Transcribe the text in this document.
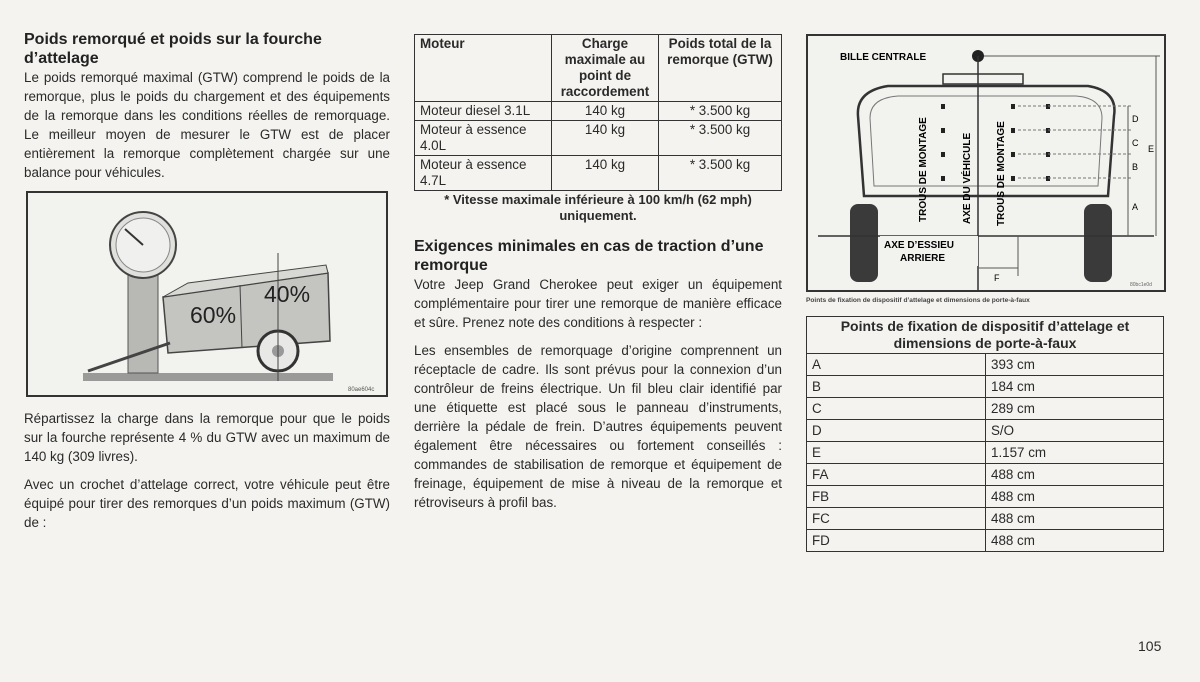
Poids remorqué et poids sur la fourche d’attelage

Le poids remorqué maximal (GTW) comprend le poids de la remorque, plus le poids du chargement et des équipements de la remorque dans les conditions réelles de remorquage. Le meilleur moyen de mesurer le GTW est de placer entièrement la remorque complètement chargée sur une balance pour véhicules.

60%
40%
80ae604c

Répartissez la charge dans la remorque pour que le poids sur la fourche représente 4 % du GTW avec un maximum de 140 kg (309 livres).

Avec un crochet d’attelage correct, votre véhicule peut être équipé pour tirer des remorques d’un poids maximum (GTW) de :

Moteur	Charge maximale au point de raccordement	Poids total de la remorque (GTW)
Moteur diesel 3.1L	140 kg	* 3.500 kg
Moteur à essence 4.0L	140 kg	* 3.500 kg
Moteur à essence 4.7L	140 kg	* 3.500 kg
* Vitesse maximale inférieure à 100 km/h (62 mph) uniquement.		
Exigences minimales en cas de traction d’une remorque

Votre Jeep Grand Cherokee peut exiger un équipement complémentaire pour tirer une remorque de manière efficace et sûre. Prenez note des conditions à respecter :

Les ensembles de remorquage d’origine comprennent un réceptacle de cadre. Ils sont prévus pour la connexion d’un contrôleur de freins électrique. Un fil bleu clair identifié par une étiquette est placé sous le panneau d’instruments, derrière la pédale de frein. D’autres équipements peuvent également être nécessaires ou fortement conseillés : commandes de stabilisation de remorque et équipement de freinage, équipement de mise à niveau de la remorque et rétroviseurs à profil bas.

BILLE CENTRALE
TROUS DE MONTAGE	AXE DU VÉHICULE TROUS DE MONTAGE
AXE D’ESSIEU
ARRIERE
D
C
B
A
E
F
80bc1e0d
Points de fixation de dispositif d’attelage et dimensions de porte-à-faux
Points de fixation de dispositif d’attelage et dimensions de porte-à-faux	
A	393 cm
B	184 cm
C	289 cm
D	S/O
E	1.157 cm
FA	488 cm
FB	488 cm
FC	488 cm
FD	488 cm
105
